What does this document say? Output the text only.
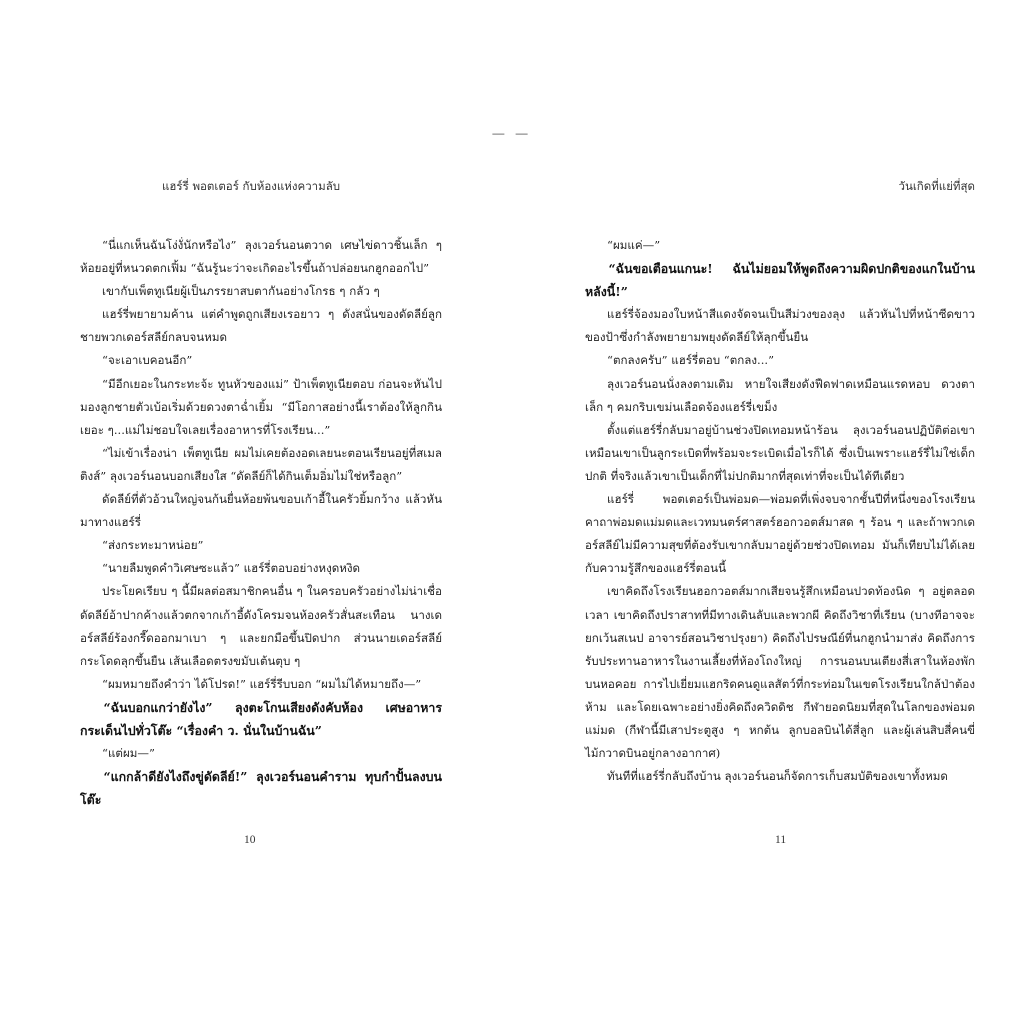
— —
แฮร์รี่ พอตเตอร์ กับห้องแห่งความลับ

“นี่แกเห็นฉันโง่งั่นักหรือไง” ลุงเวอร์นอนตวาด เศษไข่ดาวชิ้นเล็ก ๆ ห้อยอยู่ที่หนวดตกเฟิ้ม “ฉันรู้นะว่าจะเกิดอะไรขึ้นถ้าปล่อยนกฮูกออกไป”

เขากับเพ็ตทูเนียผู้เป็นภรรยาสบตากันอย่างโกรธ ๆ กลัว ๆ

แฮร์รี่พยายามค้าน แต่คำพูดถูกเสียงเรอยาว ๆ ดังสนั่นของดัดลีย์ลูกชายพวกเดอร์สลีย์กลบจนหมด

“จะเอาเบคอนอีก”

“มีอีกเยอะในกระทะจ้ะ ทูนหัวของแม่” ป้าเพ็ตทูเนียตอบ ก่อนจะหันไปมองลูกชายตัวเบ้อเริ่มด้วยดวงตาฉ่ำเยิ้ม “มีโอกาสอย่างนี้เราต้องให้ลูกกินเยอะ ๆ...แม่ไม่ชอบใจเลยเรื่องอาหารที่โรงเรียน...”

“ไม่เข้าเรื่องน่า เพ็ตทูเนีย ผมไม่เคยต้องอดเลยนะตอนเรียนอยู่ที่สเมลติงส์” ลุงเวอร์นอนบอกเสียงใส “ดัดลีย์ก็ได้กินเต็มอิ่มไม่ใช่หรือลูก”

ดัดลีย์ที่ตัวอ้วนใหญ่จนก้นยื่นห้อยพ้นขอบเก้าอี้ในครัวยิ้มกว้าง แล้วหันมาทางแฮร์รี่

“ส่งกระทะมาหน่อย”

“นายลืมพูดคำวิเศษซะแล้ว” แฮร์รี่ตอบอย่างหงุดหงิด

ประโยคเรียบ ๆ นี้มีผลต่อสมาชิกคนอื่น ๆ ในครอบครัวอย่างไม่น่าเชื่อ ดัดลีย์อ้าปากค้างแล้วตกจากเก้าอี้ดังโครมจนห้องครัวสั่นสะเทือน นางเดอร์สลีย์ร้องกรี๊ดออกมาเบา ๆ และยกมือขึ้นปิดปาก ส่วนนายเดอร์สลีย์กระโดดลุกขึ้นยืน เส้นเลือดตรงขมับเต้นตุบ ๆ

“ผมหมายถึงคำว่า ได้โปรด!” แฮร์รี่รีบบอก “ผมไม่ได้หมายถึง—”

“ฉันบอกแกว่ายังไง” ลุงตะโกนเสียงดังคับห้อง เศษอาหารกระเด็นไปทั่วโต๊ะ “เรื่องคำ ว. นั่นในบ้านฉัน”

“แต่ผม—”

“แกกล้าดียังไงถึงขู่ดัดลีย์!” ลุงเวอร์นอนคำราม ทุบกำปั้นลงบนโต๊ะ

10
วันเกิดที่แย่ที่สุด

“ผมแค่—”

“ฉันขอเตือนแกนะ! ฉันไม่ยอมให้พูดถึงความผิดปกติของแกในบ้านหลังนี้!”

แฮร์รี่จ้องมองใบหน้าสีแดงจัดจนเป็นสีม่วงของลุง แล้วหันไปที่หน้าซีดขาวของป้าซึ่งกำลังพยายามพยุงดัดลีย์ให้ลุกขึ้นยืน

“ตกลงครับ” แฮร์รี่ตอบ “ตกลง...”

ลุงเวอร์นอนนั่งลงตามเดิม หายใจเสียงดังฟืดฟาดเหมือนแรดหอบ ดวงตาเล็ก ๆ คมกริบเขม่นเลือดจ้องแฮร์รี่เขม็ง

ตั้งแต่แฮร์รี่กลับมาอยู่บ้านช่วงปิดเทอมหน้าร้อน ลุงเวอร์นอนปฏิบัติต่อเขาเหมือนเขาเป็นลูกระเบิดที่พร้อมจะระเบิดเมื่อไรก็ได้ ซึ่งเป็นเพราะแฮร์รี่ไม่ใช่เด็กปกติ ที่จริงแล้วเขาเป็นเด็กที่ไม่ปกติมากที่สุดเท่าที่จะเป็นได้ทีเดียว

แฮร์รี่ พอตเตอร์เป็นพ่อมด—พ่อมดที่เพิ่งจบจากชั้นปีที่หนึ่งของโรงเรียนคาถาพ่อมดแม่มดและเวทมนตร์ศาสตร์ฮอกวอตส์มาสด ๆ ร้อน ๆ และถ้าพวกเดอร์สลีย์ไม่มีความสุขที่ต้องรับเขากลับมาอยู่ด้วยช่วงปิดเทอม มันก็เทียบไม่ได้เลยกับความรู้สึกของแฮร์รี่ตอนนี้

เขาคิดถึงโรงเรียนฮอกวอตส์มากเสียจนรู้สึกเหมือนปวดท้องนิด ๆ อยู่ตลอดเวลา เขาคิดถึงปราสาทที่มีทางเดินลับและพวกผี คิดถึงวิชาที่เรียน (บางทีอาจจะยกเว้นสเนป อาจารย์สอนวิชาปรุงยา) คิดถึงไปรษณีย์ที่นกฮูกนำมาส่ง คิดถึงการรับประทานอาหารในงานเลี้ยงที่ห้องโถงใหญ่ การนอนบนเตียงสี่เสาในห้องพักบนหอคอย การไปเยี่ยมแฮกริดคนดูแลสัตว์ที่กระท่อมในเขตโรงเรียนใกล้ป่าต้องห้าม และโดยเฉพาะอย่างยิ่งคิดถึงควิดดิช กีฬายอดนิยมที่สุดในโลกของพ่อมดแม่มด (กีฬานี้มีเสาประตูสูง ๆ หกต้น ลูกบอลบินได้สี่ลูก และผู้เล่นสิบสี่คนขี่ไม้กวาดบินอยู่กลางอากาศ)

ทันทีที่แฮร์รี่กลับถึงบ้าน ลุงเวอร์นอนก็จัดการเก็บสมบัติของเขาทั้งหมด

11
